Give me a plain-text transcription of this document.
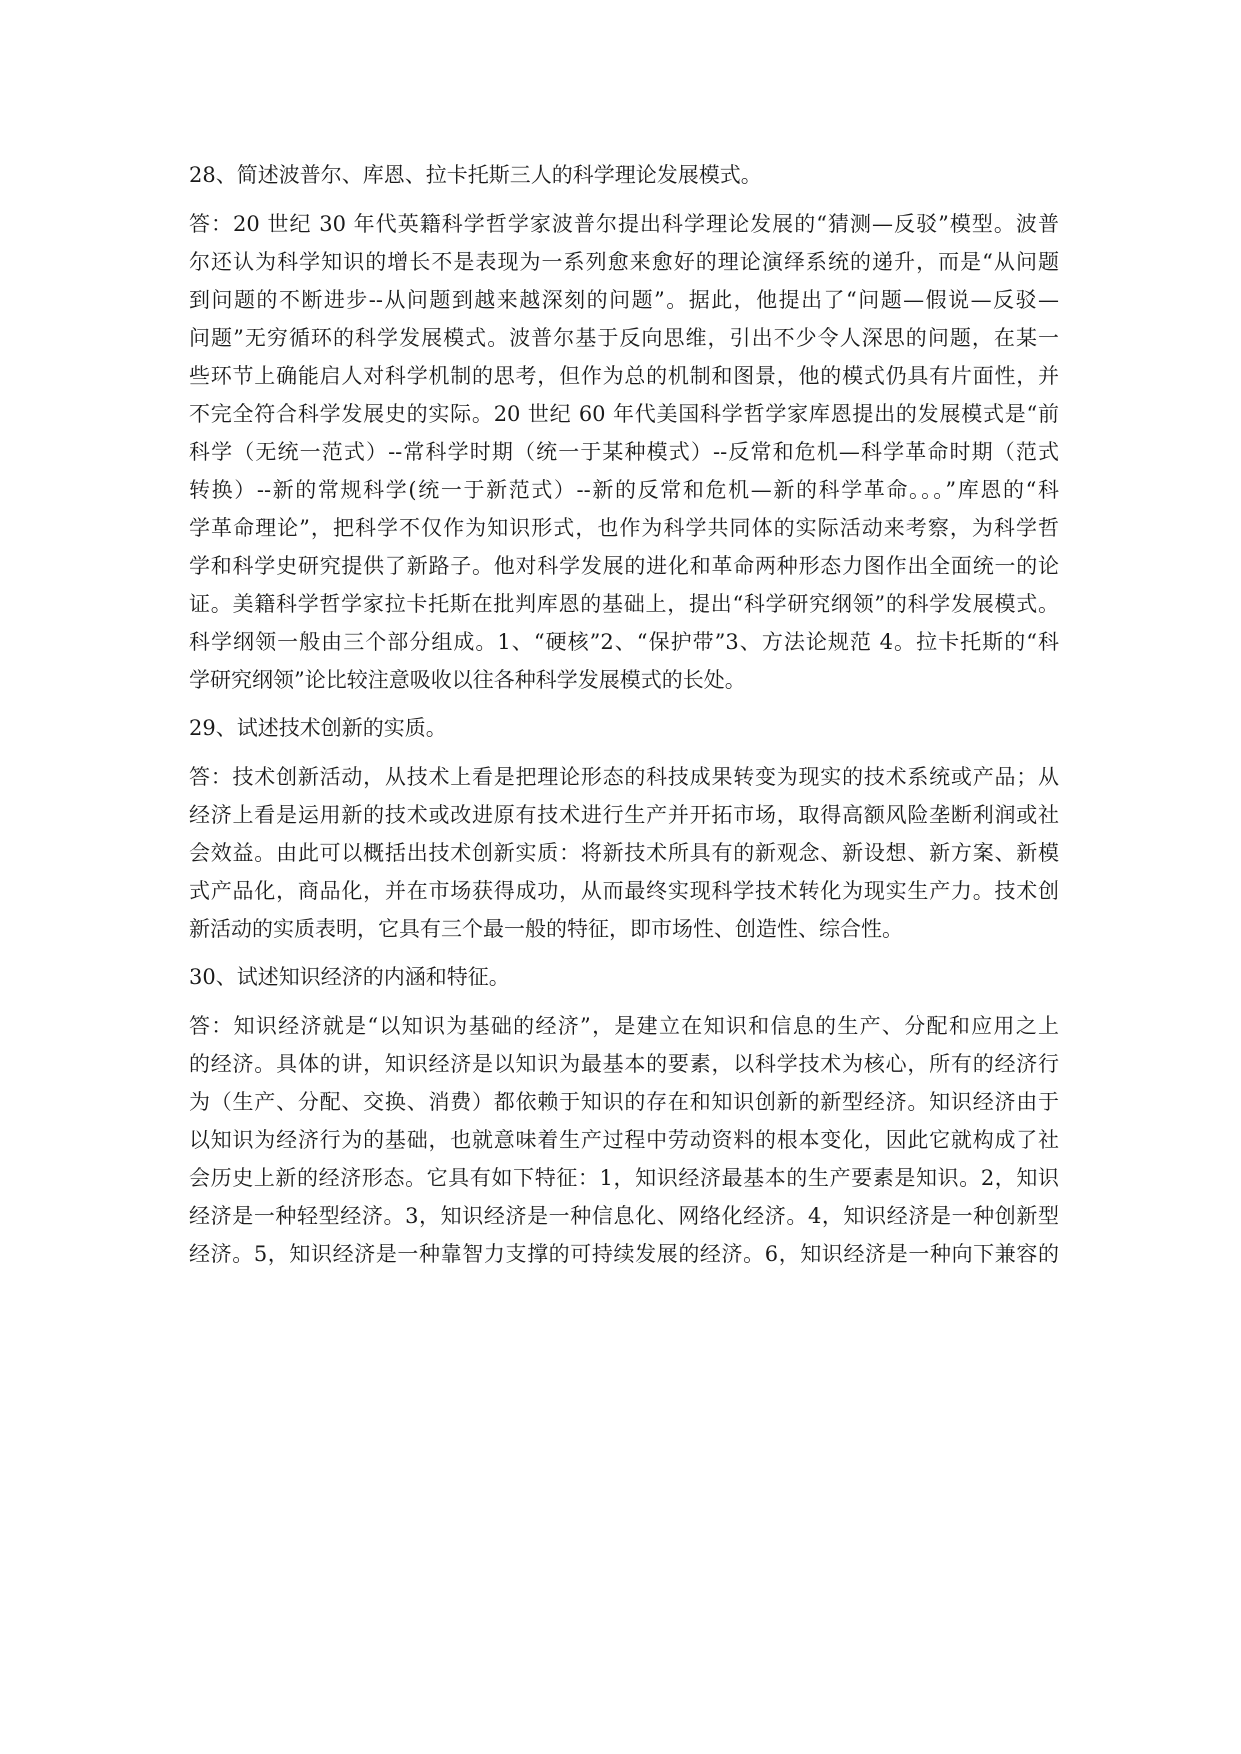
28、简述波普尔、库恩、拉卡托斯三人的科学理论发展模式。
答：20 世纪 30 年代英籍科学哲学家波普尔提出科学理论发展的“猜测—反驳”模型。波普
尔还认为科学知识的增长不是表现为一系列愈来愈好的理论演绎系统的递升，而是“从问题
到问题的不断进步--从问题到越来越深刻的问题”。据此，他提出了“问题—假说—反驳—
问题”无穷循环的科学发展模式。波普尔基于反向思维，引出不少令人深思的问题，在某一
些环节上确能启人对科学机制的思考，但作为总的机制和图景，他的模式仍具有片面性，并
不完全符合科学发展史的实际。20 世纪 60 年代美国科学哲学家库恩提出的发展模式是“前
科学（无统一范式）--常科学时期（统一于某种模式）--反常和危机—科学革命时期（范式
转换）--新的常规科学(统一于新范式）--新的反常和危机—新的科学革命。。。”库恩的“科
学革命理论”，把科学不仅作为知识形式，也作为科学共同体的实际活动来考察，为科学哲
学和科学史研究提供了新路子。他对科学发展的进化和革命两种形态力图作出全面统一的论
证。美籍科学哲学家拉卡托斯在批判库恩的基础上，提出“科学研究纲领”的科学发展模式。
科学纲领一般由三个部分组成。1、“硬核”2、“保护带”3、方法论规范 4。拉卡托斯的“科
学研究纲领”论比较注意吸收以往各种科学发展模式的长处。
29、试述技术创新的实质。
答：技术创新活动，从技术上看是把理论形态的科技成果转变为现实的技术系统或产品；从
经济上看是运用新的技术或改进原有技术进行生产并开拓市场，取得高额风险垄断利润或社
会效益。由此可以概括出技术创新实质：将新技术所具有的新观念、新设想、新方案、新模
式产品化，商品化，并在市场获得成功，从而最终实现科学技术转化为现实生产力。技术创
新活动的实质表明，它具有三个最一般的特征，即市场性、创造性、综合性。
30、试述知识经济的内涵和特征。
答：知识经济就是“以知识为基础的经济”，是建立在知识和信息的生产、分配和应用之上
的经济。具体的讲，知识经济是以知识为最基本的要素，以科学技术为核心，所有的经济行
为（生产、分配、交换、消费）都依赖于知识的存在和知识创新的新型经济。知识经济由于
以知识为经济行为的基础，也就意味着生产过程中劳动资料的根本变化，因此它就构成了社
会历史上新的经济形态。它具有如下特征：1，知识经济最基本的生产要素是知识。2，知识
经济是一种轻型经济。3，知识经济是一种信息化、网络化经济。4，知识经济是一种创新型
经济。5，知识经济是一种靠智力支撑的可持续发展的经济。6，知识经济是一种向下兼容的
